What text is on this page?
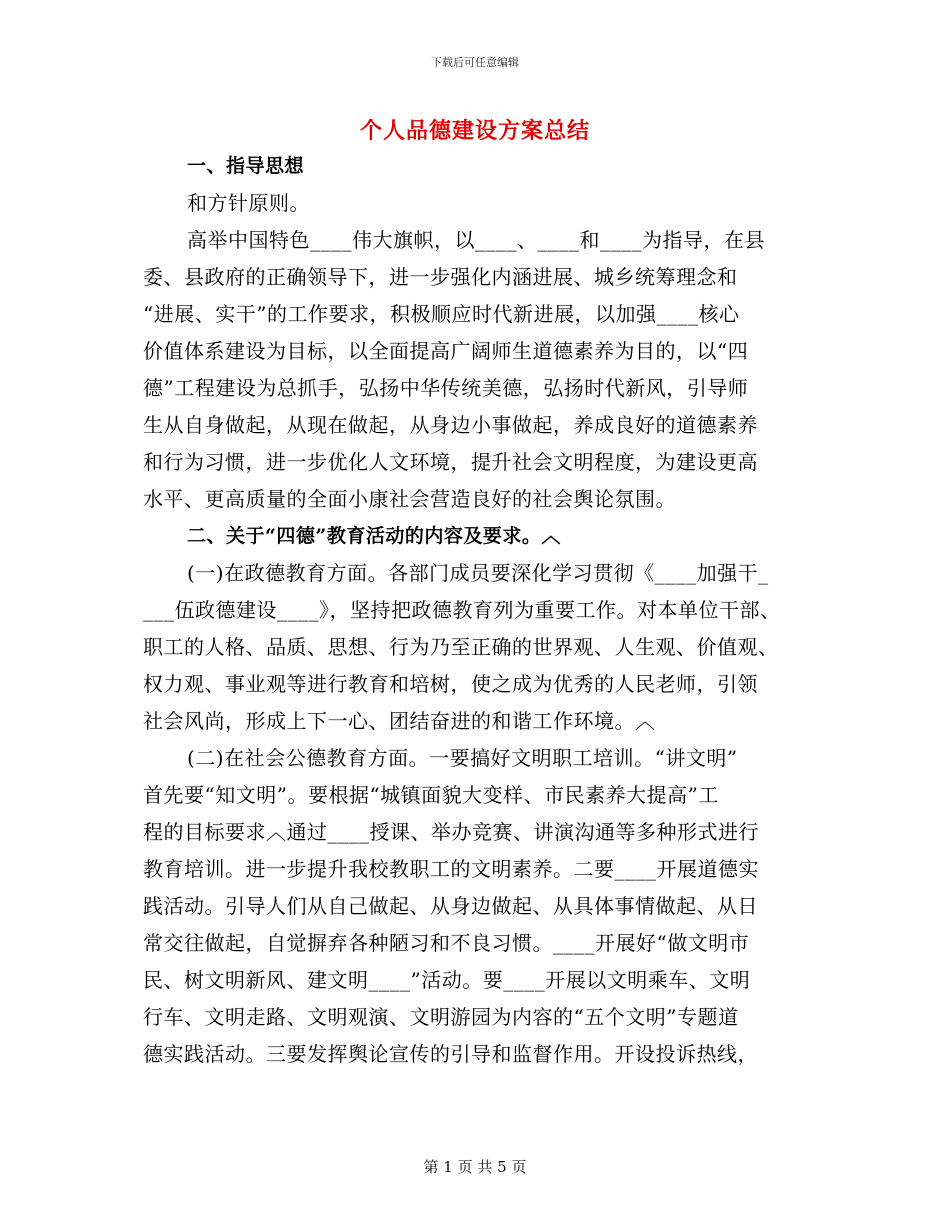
下载后可任意编辑
个人品德建设方案总结
一、指导思想
和方针原则。
高举中国特色____伟大旗帜，以____、____和____为指导，在县
委、县政府的正确领导下，进一步强化内涵进展、城乡统筹理念和
“进展、实干”的工作要求，积极顺应时代新进展，以加强____核心
价值体系建设为目标，以全面提高广阔师生道德素养为目的，以“四
德”工程建设为总抓手，弘扬中华传统美德，弘扬时代新风，引导师
生从自身做起，从现在做起，从身边小事做起，养成良好的道德素养
和行为习惯，进一步优化人文环境，提升社会文明程度，为建设更高
水平、更高质量的全面小康社会营造良好的社会舆论氛围。
二、关于“四德”教育活动的内容及要求。︿
(一)在政德教育方面。各部门成员要深化学习贯彻《____加强干_
___伍政德建设____》，坚持把政德教育列为重要工作。对本单位干部、
职工的人格、品质、思想、行为乃至正确的世界观、人生观、价值观、
权力观、事业观等进行教育和培树，使之成为优秀的人民老师，引领
社会风尚，形成上下一心、团结奋进的和谐工作环境。︿
(二)在社会公德教育方面。一要搞好文明职工培训。“讲文明”
首先要“知文明”。要根据“城镇面貌大变样、市民素养大提高”工
程的目标要求︿通过____授课、举办竞赛、讲演沟通等多种形式进行
教育培训。进一步提升我校教职工的文明素养。二要____开展道德实
践活动。引导人们从自己做起、从身边做起、从具体事情做起、从日
常交往做起，自觉摒弃各种陋习和不良习惯。____开展好“做文明市
民、树文明新风、建文明____”活动。要____开展以文明乘车、文明
行车、文明走路、文明观演、文明游园为内容的“五个文明”专题道
德实践活动。三要发挥舆论宣传的引导和监督作用。开设投诉热线，
第 1 页 共 5 页
